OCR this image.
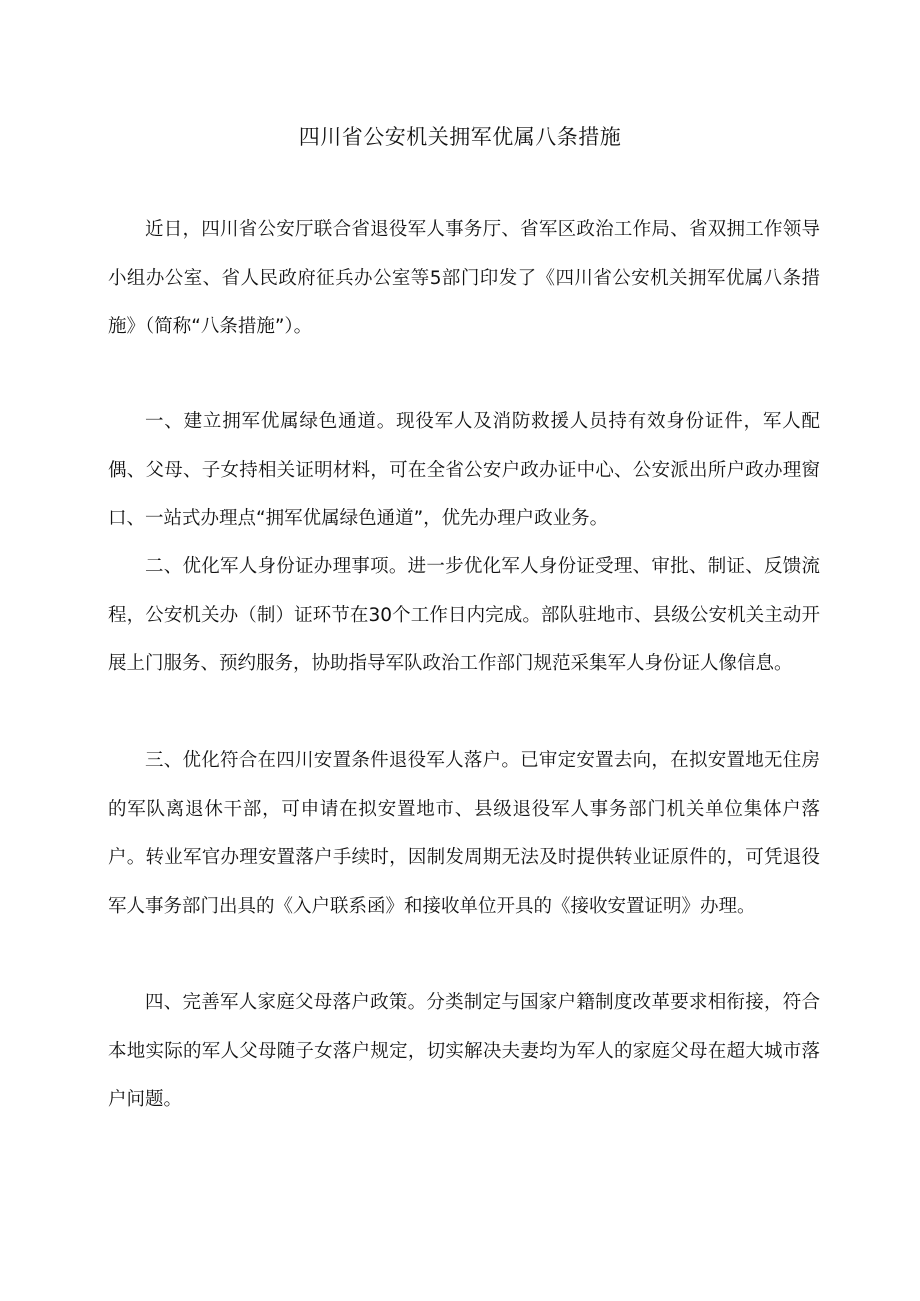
四川省公安机关拥军优属八条措施

近日，四川省公安厅联合省退役军人事务厅、省军区政治工作局、省双拥工作领导小组办公室、省人民政府征兵办公室等5部门印发了《四川省公安机关拥军优属八条措施》（简称“八条措施”）。

一、建立拥军优属绿色通道。现役军人及消防救援人员持有效身份证件，军人配偶、父母、子女持相关证明材料，可在全省公安户政办证中心、公安派出所户政办理窗口、一站式办理点“拥军优属绿色通道”，优先办理户政业务。

二、优化军人身份证办理事项。进一步优化军人身份证受理、审批、制证、反馈流程，公安机关办（制）证环节在30个工作日内完成。部队驻地市、县级公安机关主动开展上门服务、预约服务，协助指导军队政治工作部门规范采集军人身份证人像信息。

三、优化符合在四川安置条件退役军人落户。已审定安置去向，在拟安置地无住房的军队离退休干部，可申请在拟安置地市、县级退役军人事务部门机关单位集体户落户。转业军官办理安置落户手续时，因制发周期无法及时提供转业证原件的，可凭退役军人事务部门出具的《入户联系函》和接收单位开具的《接收安置证明》办理。

四、完善军人家庭父母落户政策。分类制定与国家户籍制度改革要求相衔接，符合本地实际的军人父母随子女落户规定，切实解决夫妻均为军人的家庭父母在超大城市落户问题。
